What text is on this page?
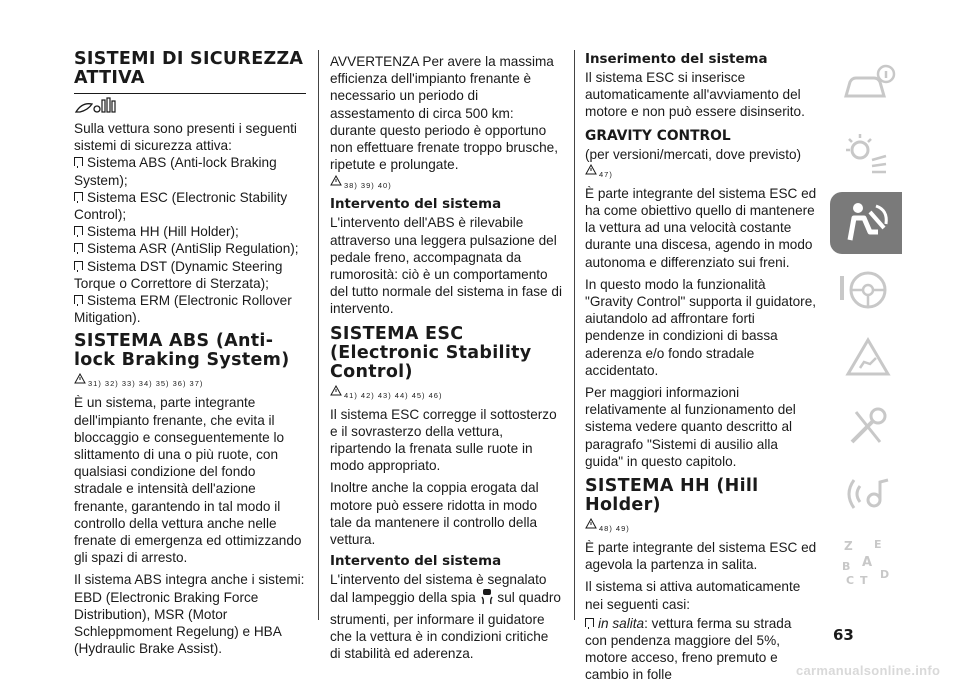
SISTEMI DI SICUREZZA ATTIVA

Sulla vettura sono presenti i seguenti sistemi di sicurezza attiva:

Sistema ABS (Anti-lock Braking System);
Sistema ESC (Electronic Stability Control);
Sistema HH (Hill Holder);
Sistema ASR (AntiSlip Regulation);
Sistema DST (Dynamic Steering Torque o Correttore di Sterzata);
Sistema ERM (Electronic Rollover Mitigation).
SISTEMA ABS (Anti-lock Braking System)
31) 32) 33) 34) 35) 36) 37)

È un sistema, parte integrante dell'impianto frenante, che evita il bloccaggio e conseguentemente lo slittamento di una o più ruote, con qualsiasi condizione del fondo stradale e intensità dell'azione frenante, garantendo in tal modo il controllo della vettura anche nelle frenate di emergenza ed ottimizzando gli spazi di arresto.

Il sistema ABS integra anche i sistemi: EBD (Electronic Braking Force Distribution), MSR (Motor Schleppmoment Regelung) e HBA (Hydraulic Brake Assist).

AVVERTENZA Per avere la massima efficienza dell'impianto frenante è necessario un periodo di assestamento di circa 500 km: durante questo periodo è opportuno non effettuare frenate troppo brusche, ripetute e prolungate.

38) 39) 40)
Intervento del sistema

L'intervento dell'ABS è rilevabile attraverso una leggera pulsazione del pedale freno, accompagnata da rumorosità: ciò è un comportamento del tutto normale del sistema in fase di intervento.

SISTEMA ESC (Electronic Stability Control)
41) 42) 43) 44) 45) 46)

Il sistema ESC corregge il sottosterzo e il sovrasterzo della vettura, ripartendo la frenata sulle ruote in modo appropriato.

Inoltre anche la coppia erogata dal motore può essere ridotta in modo tale da mantenere il controllo della vettura.

Intervento del sistema

L'intervento del sistema è segnalato dal lampeggio della spia sul quadro strumenti, per informare il guidatore che la vettura è in condizioni critiche di stabilità ed aderenza.

Inserimento del sistema

Il sistema ESC si inserisce automaticamente all'avviamento del motore e non può essere disinserito.

GRAVITY CONTROL

(per versioni/mercati, dove previsto)

47)

È parte integrante del sistema ESC ed ha come obiettivo quello di mantenere la vettura ad una velocità costante durante una discesa, agendo in modo autonoma e differenziato sui freni.

In questo modo la funzionalità "Gravity Control" supporta il guidatore, aiutandolo ad affrontare forti pendenze in condizioni di bassa aderenza e/o fondo stradale accidentato.

Per maggiori informazioni relativamente al funzionamento del sistema vedere quanto descritto al paragrafo "Sistemi di ausilio alla guida" in questo capitolo.

SISTEMA HH (Hill Holder)
48) 49)

È parte integrante del sistema ESC ed agevola la partenza in salita.

Il sistema si attiva automaticamente nei seguenti casi:

in salita: vettura ferma su strada con pendenza maggiore del 5%, motore acceso, freno premuto e cambio in folle
Z E
A
B
C T D
63
carmanualsonline.info
